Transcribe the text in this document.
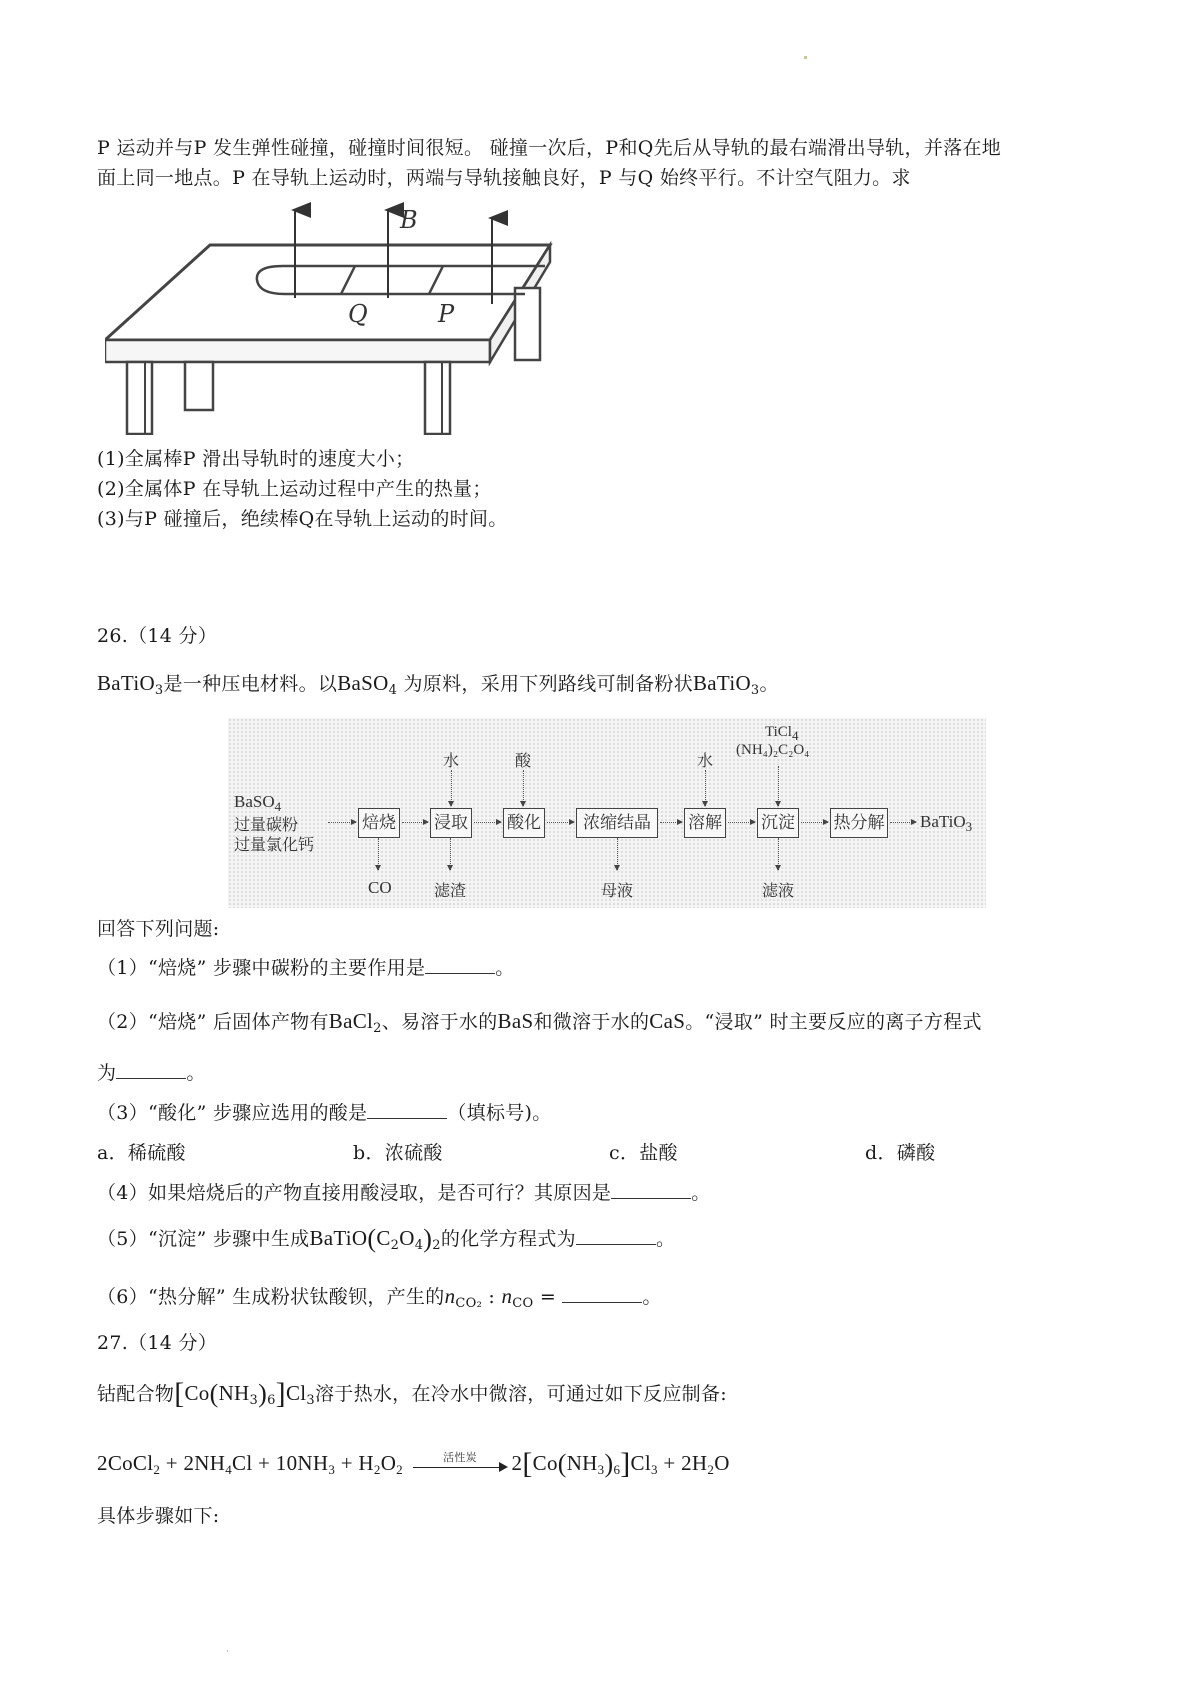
P 运动并与P 发生弹性碰撞，碰撞时间很短。 碰撞一次后，P和Q先后从导轨的最右端滑出导轨，并落在地
面上同一地点。P 在导轨上运动时，两端与导轨接触良好，P 与Q 始终平行。不计空气阻力。求
B
Q	P
(1)全属棒P 滑出导轨时的速度大小；
(2)全属体P 在导轨上运动过程中产生的热量；
(3)与P 碰撞后，绝续棒Q在导轨上运动的时间。
26.（14 分）
BaTiO$_3$是一种压电材料。以BaSO$_4$ 为原料，采用下列路线可制备粉状BaTiO$_3$。
BaSO$_4$
过量碳粉
过量氯化钙
焙烧 浸取 酸化	浓缩结晶	溶解 沉淀 热分解 BaTiO$_3$
水	酸	水
TiCl$_4$
(NH₄)₂C₂O₄
CO	滤渣	母液	滤液
回答下列问题:
（1）“焙烧” 步骤中碳粉的主要作用是	。
（2）“焙烧” 后固体产物有BaCl$_2$、易溶于水的BaS和微溶于水的CaS。“浸取” 时主要反应的离子方程式
为	。
（3）“酸化” 步骤应选用的酸是	（填标号)。
a．稀硫酸	b．浓硫酸	c．盐酸	d．磷酸
（4）如果焙烧后的产物直接用酸浸取，是否可行？其原因是	。
（5）“沉淀” 步骤中生成$BaTiO(C_2O_4)_2$的化学方程式为	。
（6）“热分解” 生成粉状钛酸钡，产生的$n_{CO_2}$ : $n_{CO}$ =	。
27.（14 分）
钴配合物$[Co(NH_3)_6]Cl_3$溶于热水，在冷水中微溶，可通过如下反应制备:
2CoCl$_2$ + $2NH_4Cl + 10NH_3 + H_2O_2$
活性炭	$2[Co(NH_3)_6]Cl_3 + 2H_2O$
具体步骤如下:
